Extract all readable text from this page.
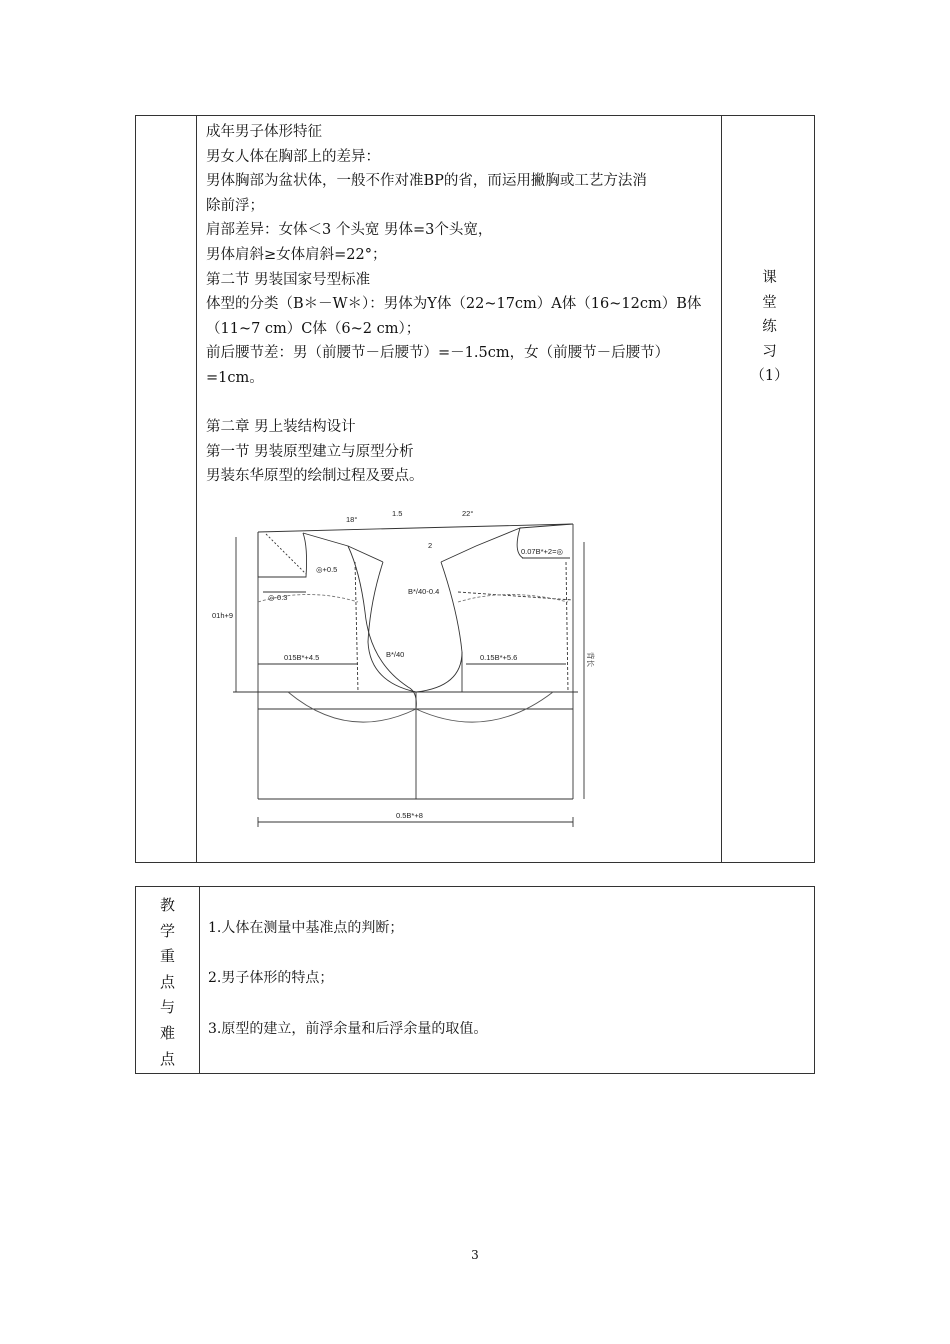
成年男子体形特征

男女人体在胸部上的差异：

男体胸部为盆状体，一般不作对准BP的省，而运用撇胸或工艺方法消

除前浮；

肩部差异：女体＜3 个头宽 男体=3个头宽，

男体肩斜≥女体肩斜=22°；

第二节 男装国家号型标准

体型的分类（B＊－W＊）：男体为Y体（22~17cm）A体（16~12cm）B体

（11~7 cm）C体（6~2 cm）；

前后腰节差：男（前腰节－后腰节）=－1.5cm，女（前腰节－后腰节）

=1cm。

第二章 男上装结构设计

第一节 男装原型建立与原型分析

男装东华原型的绘制过程及要点。

18°
1.5	22°
2
◎+0.5
◎-0.3
0.07B*+2=◎
B*/40-0.4
01h+9
015B*+4.5	B*/40	0.15B*+5.6	背长
0.5B*+8
课
堂
练
习
（1）
教
学
重
点
与
难
点
1.人体在测量中基准点的判断；
2.男子体形的特点；
3.原型的建立，前浮余量和后浮余量的取值。
3
